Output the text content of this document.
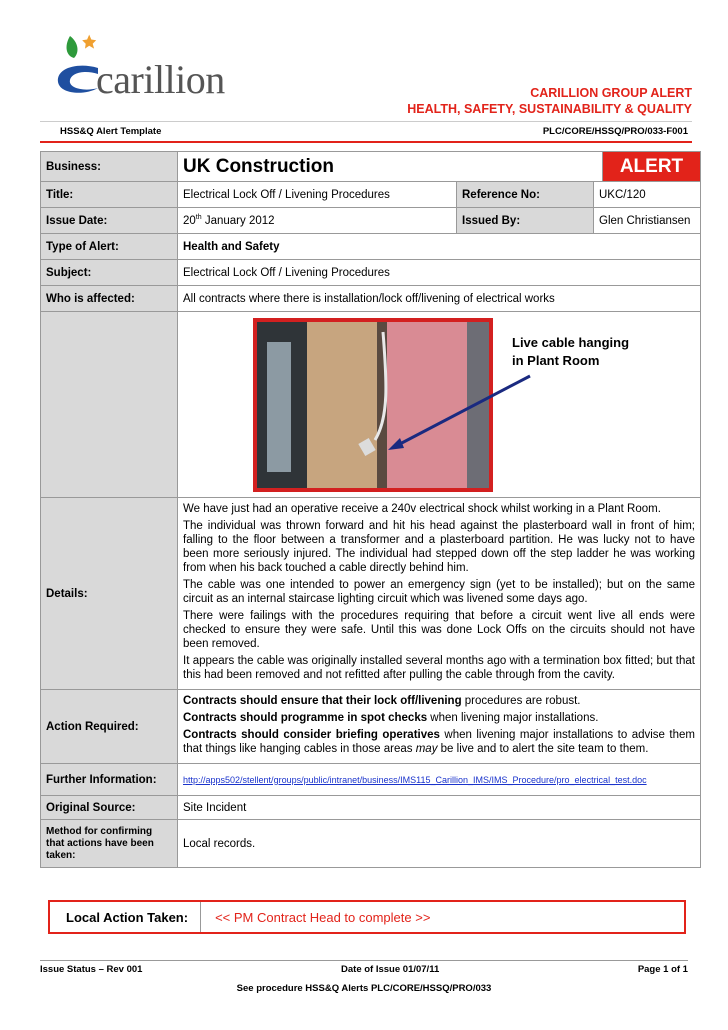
carillion	CARILLION GROUP ALERT
HEALTH, SAFETY, SUSTAINABILITY & QUALITY
HSS&Q Alert Template	PLC/CORE/HSSQ/PRO/033-F001
Business:	UK Construction			ALERT
Title:	Electrical Lock Off / Livening Procedures	Reference No:	UKC/120	
Issue Date:	20th January 2012	Issued By:	Glen Christiansen	
Type of Alert:	Health and Safety			
Subject:	Electrical Lock Off / Livening Procedures			
Who is affected:	All contracts where there is installation/lock off/livening of electrical works			

	Live cable hanging
in Plant Room			

Details:	We have just had an operative receive a 240v electrical shock whilst working in a Plant Room.

The individual was thrown forward and hit his head against the plasterboard wall in front of him; falling to the floor between a transformer and a plasterboard partition. He was lucky not to have been more seriously injured. The individual had stepped down off the step ladder he was working from when his back touched a cable directly behind him.

The cable was one intended to power an emergency sign (yet to be installed); but on the same circuit as an internal staircase lighting circuit which was livened some days ago.

There were failings with the procedures requiring that before a circuit went live all ends were checked to ensure they were safe. Until this was done Lock Offs on the circuits should not have been removed.

It appears the cable was originally installed several months ago with a termination box fitted; but that this had been removed and not refitted after pulling the cable through from the cavity.			

Action Required:	Contracts should ensure that their lock off/livening procedures are robust.

Contracts should programme in spot checks when livening major installations.

Contracts should consider briefing operatives when livening major installations to advise them that things like hanging cables in those areas may be live and to alert the site team to them.			

Further Information:	http://apps502/stellent/groups/public/intranet/business/IMS115_Carillion_IMS/IMS_Procedure/pro_electrical_test.doc			
Original Source:	Site Incident			
Method for confirming that actions have been taken:	Local records.			
Local Action Taken:	<< PM Contract Head to complete >>
Issue Status – Rev 001	Date of Issue 01/07/11	Page 1 of 1
See procedure HSS&Q Alerts PLC/CORE/HSSQ/PRO/033
